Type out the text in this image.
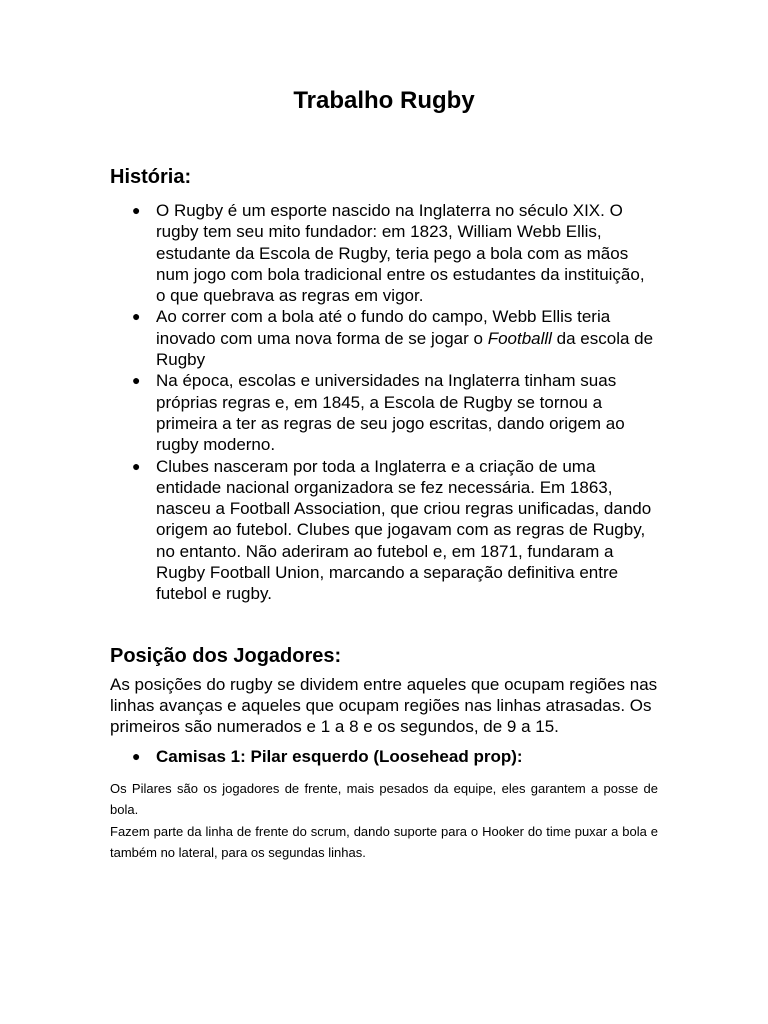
Trabalho Rugby
História:
● O Rugby é um esporte nascido na Inglaterra no século XIX. O rugby tem seu mito fundador: em 1823, William Webb Ellis, estudante da Escola de Rugby, teria pego a bola com as mãos num jogo com bola tradicional entre os estudantes da instituição, o que quebrava as regras em vigor.
● Ao correr com a bola até o fundo do campo, Webb Ellis teria inovado com uma nova forma de se jogar o Footballl da escola de Rugby
● Na época, escolas e universidades na Inglaterra tinham suas próprias regras e, em 1845, a Escola de Rugby se tornou a primeira a ter as regras de seu jogo escritas, dando origem ao rugby moderno.
● Clubes nasceram por toda a Inglaterra e a criação de uma entidade nacional organizadora se fez necessária. Em 1863, nasceu a Football Association, que criou regras unificadas, dando origem ao futebol. Clubes que jogavam com as regras de Rugby, no entanto. Não aderiram ao futebol e, em 1871, fundaram a Rugby Football Union, marcando a separação definitiva entre futebol e rugby.
Posição dos Jogadores:

As posições do rugby se dividem entre aqueles que ocupam regiões nas linhas avanças e aqueles que ocupam regiões nas linhas atrasadas. Os primeiros são numerados e 1 a 8 e os segundos, de 9 a 15.

● Camisas 1: Pilar esquerdo (Loosehead prop):

Os Pilares são os jogadores de frente, mais pesados da equipe, eles garantem a posse de bola.

Fazem parte da linha de frente do scrum, dando suporte para o Hooker do time puxar a bola e também no lateral, para os segundas linhas.
